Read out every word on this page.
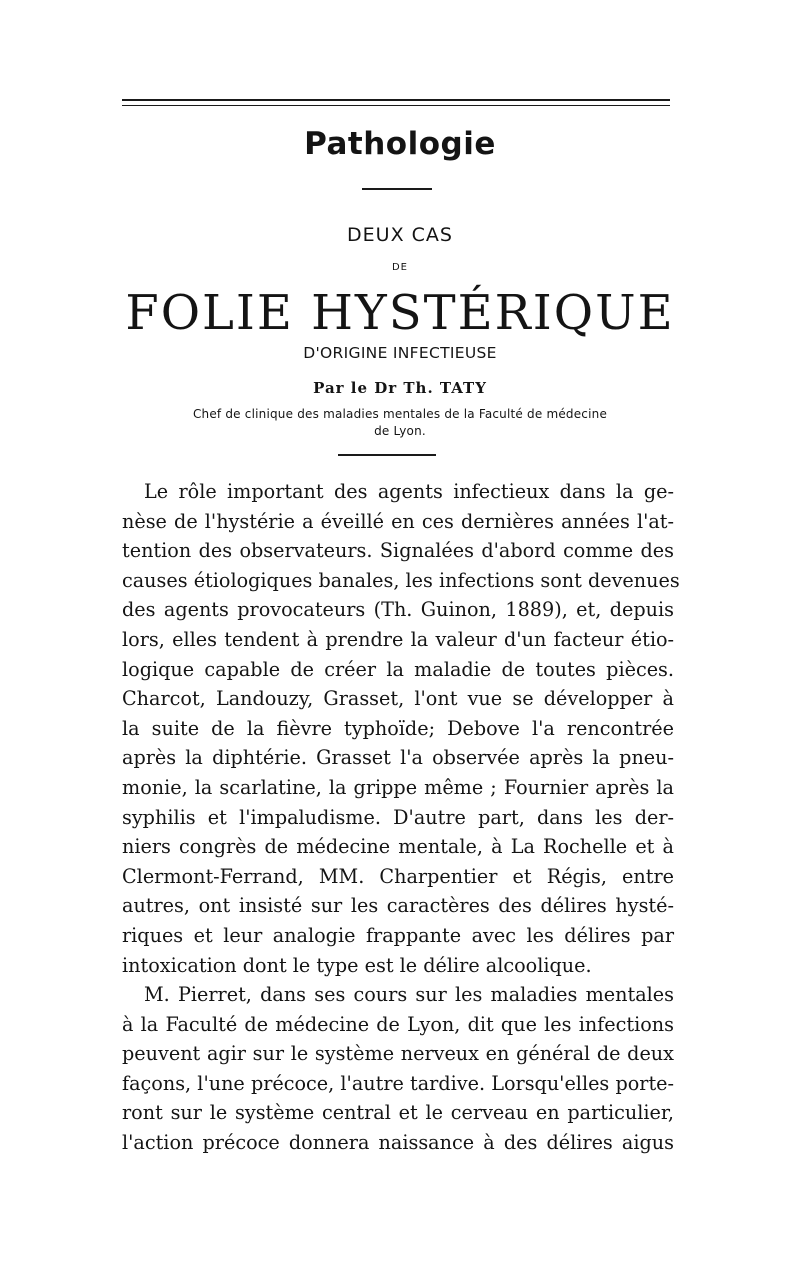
Pathologie
DEUX CAS
DE
FOLIE HYSTÉRIQUE
D'ORIGINE INFECTIEUSE
Par le Dr Th. TATY
Chef de clinique des maladies mentales de la Faculté de médecine
de Lyon.
Le rôle important des agents infectieux dans la ge-
nèse de l'hystérie a éveillé en ces dernières années l'at-
tention des observateurs. Signalées d'abord comme des
causes étiologiques banales, les infections sont devenues
des agents provocateurs (Th. Guinon, 1889), et, depuis
lors, elles tendent à prendre la valeur d'un facteur étio-
logique capable de créer la maladie de toutes pièces.
Charcot, Landouzy, Grasset, l'ont vue se développer à
la suite de la fièvre typhoïde; Debove l'a rencontrée
après la diphtérie. Grasset l'a observée après la pneu-
monie, la scarlatine, la grippe même ; Fournier après la
syphilis et l'impaludisme. D'autre part, dans les der-
niers congrès de médecine mentale, à La Rochelle et à
Clermont-Ferrand, MM. Charpentier et Régis, entre
autres, ont insisté sur les caractères des délires hysté-
riques et leur analogie frappante avec les délires par
intoxication dont le type est le délire alcoolique.
M. Pierret, dans ses cours sur les maladies mentales
à la Faculté de médecine de Lyon, dit que les infections
peuvent agir sur le système nerveux en général de deux
façons, l'une précoce, l'autre tardive. Lorsqu'elles porte-
ront sur le système central et le cerveau en particulier,
l'action précoce donnera naissance à des délires aigus
